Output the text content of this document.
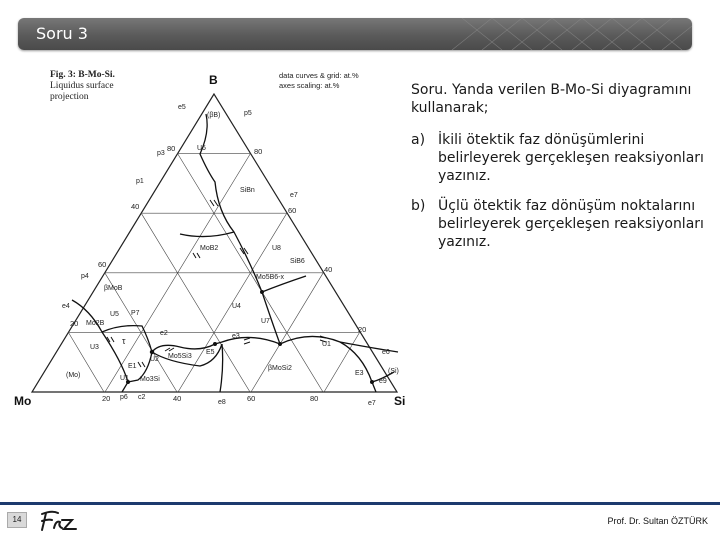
Soru 3
B
Mo	Si
20
40
60
80	80
60
40
20
20	40	60	80
e5
p5
(βB)
p3
U6
p1
SiBn
e7
MoB2	U8
SiB6
p4
βMoB
Mo5B6-x
e4
Mo2B
U5 P7
U4
U7
e2	e3
τ
U3
Mo5Si3
E5
U2
U1
e6
E1
(Mo)
Mo3Si
U1
p6 c2
βMoSi2
E3	(Si)
e9
e8	e7
Fig. 3: B-Mo-Si.
Liquidus surface
projection
data curves & grid: at.%
axes scaling: at.%	Soru. Yanda verilen B-Mo-Si diyagramını kullanarak;

a) İkili ötektik faz dönüşümlerini belirleyerek gerçekleşen reaksiyonları yazınız.
b) Üçlü ötektik faz dönüşüm noktalarını belirleyerek gerçekleşen reaksiyonları yazınız.
14	Prof. Dr. Sultan ÖZTÜRK
